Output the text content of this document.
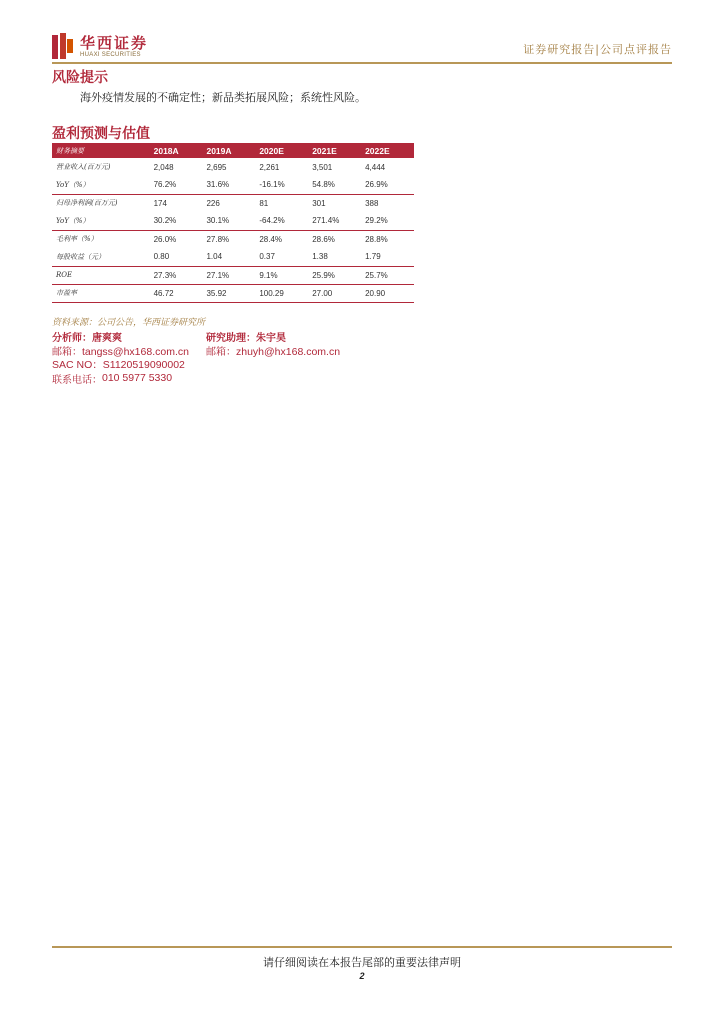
华西证券
HUAXI SECURITIES	证券研究报告|公司点评报告
风险提示
海外疫情发展的不确定性；新品类拓展风险；系统性风险。
盈利预测与估值
财务摘要	2018A	2019A	2020E	2021E	2022E
营业收入(百万元)	2,048	2,695	2,261	3,501	4,444
YoY（%）	76.2%	31.6%	-16.1%	54.8%	26.9%
归母净利润(百万元)	174	226	81	301	388
YoY（%）	30.2%	30.1%	-64.2%	271.4%	29.2%
毛利率（%）	26.0%	27.8%	28.4%	28.6%	28.8%
每股收益（元）	0.80	1.04	0.37	1.38	1.79
ROE	27.3%	27.1%	9.1%	25.9%	25.7%
市盈率	46.72	35.92	100.29	27.00	20.90
资料来源：公司公告，华西证券研究所
分析师：唐爽爽	研究助理：朱宇昊
邮箱：tangss@hx168.com.cn	邮箱：zhuyh@hx168.com.cn
SAC NO：S1120519090002
联系电话： 010 5977 5330
请仔细阅读在本报告尾部的重要法律声明
2
